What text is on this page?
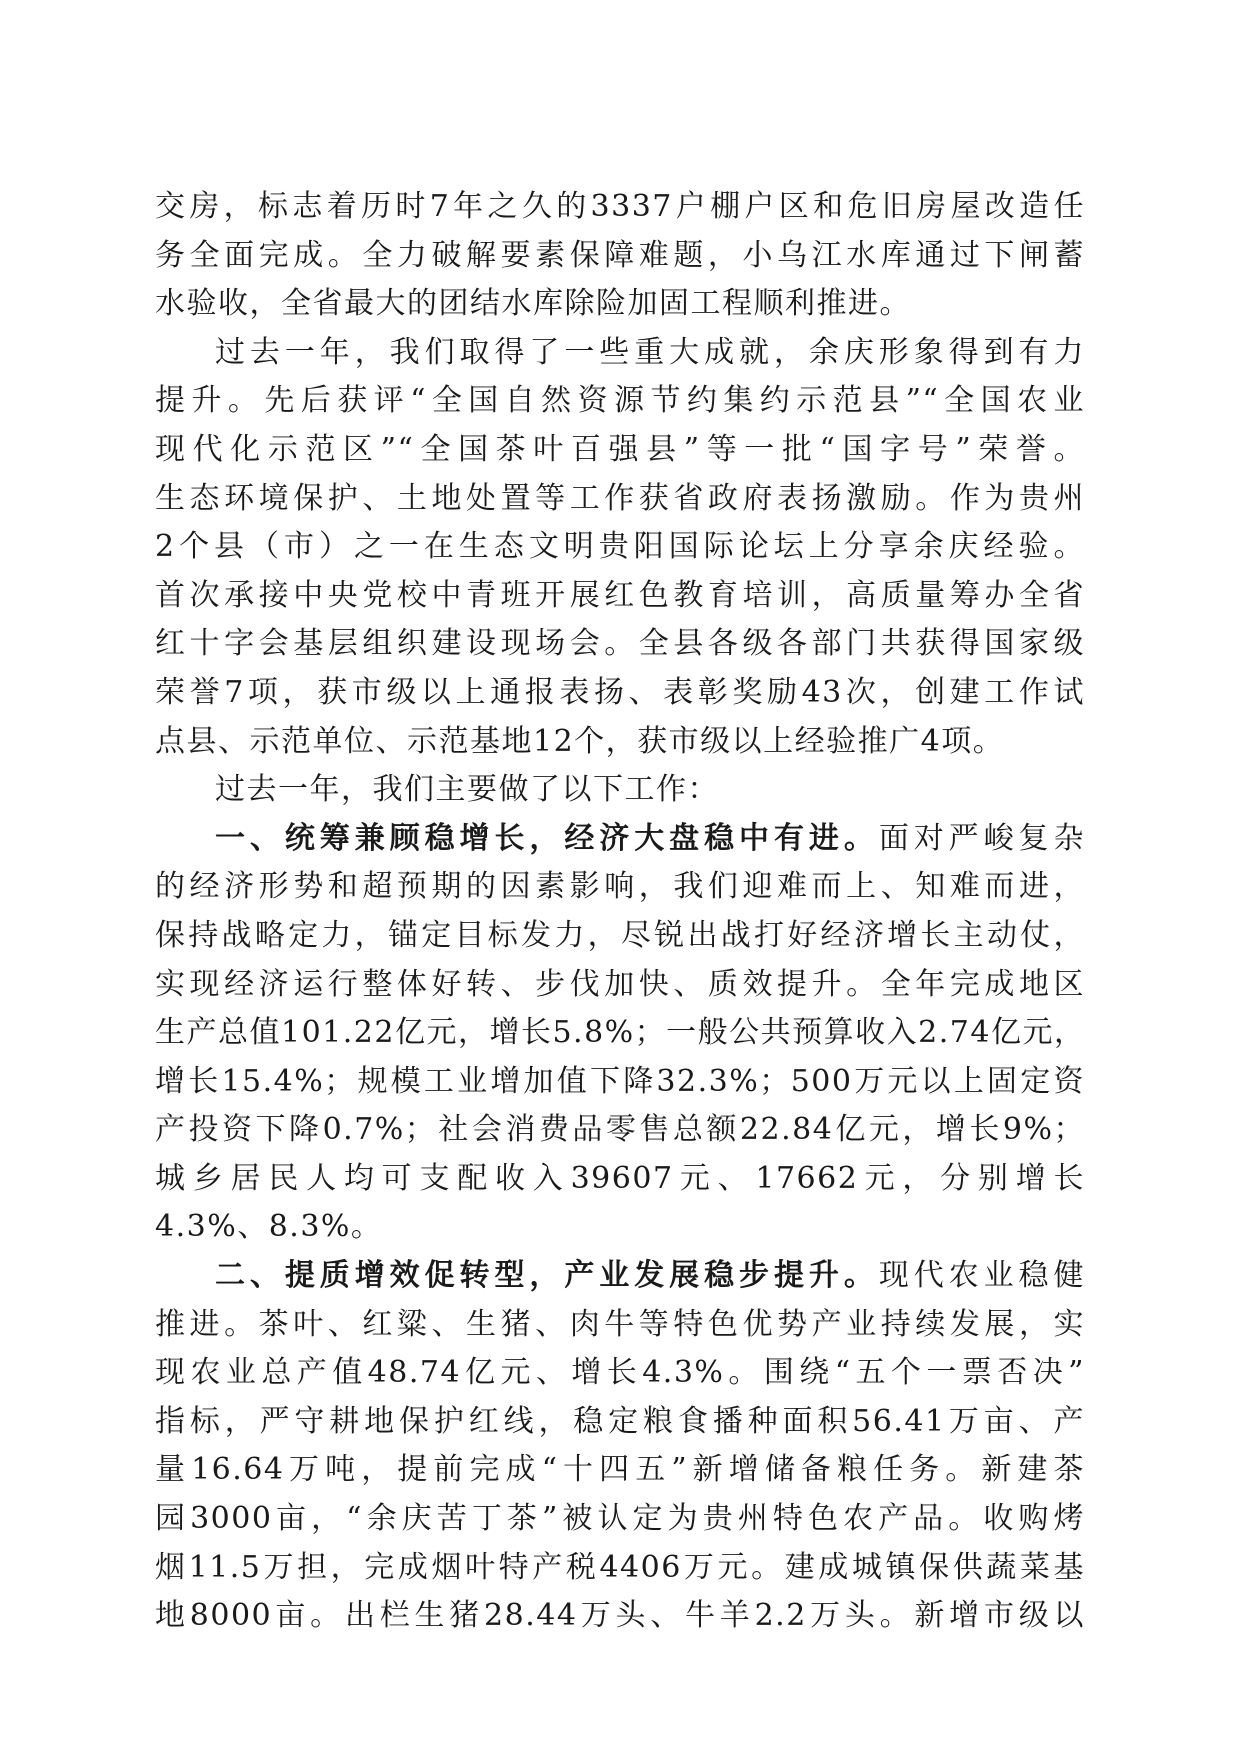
交房，标志着历时7年之久的3337户棚户区和危旧房屋改造任
务全面完成。全力破解要素保障难题，小乌江水库通过下闸蓄
水验收，全省最大的团结水库除险加固工程顺利推进。
过去一年，我们取得了一些重大成就，余庆形象得到有力
提升。先后获评“全国自然资源节约集约示范县”“全国农业
现代化示范区”“全国茶叶百强县”等一批“国字号”荣誉。
生态环境保护、土地处置等工作获省政府表扬激励。作为贵州
2个县（市）之一在生态文明贵阳国际论坛上分享余庆经验。
首次承接中央党校中青班开展红色教育培训，高质量筹办全省
红十字会基层组织建设现场会。全县各级各部门共获得国家级
荣誉7项，获市级以上通报表扬、表彰奖励43次，创建工作试
点县、示范单位、示范基地12个，获市级以上经验推广4项。
过去一年，我们主要做了以下工作：
一、统筹兼顾稳增长，经济大盘稳中有进。面对严峻复杂
的经济形势和超预期的因素影响，我们迎难而上、知难而进，
保持战略定力，锚定目标发力，尽锐出战打好经济增长主动仗，
实现经济运行整体好转、步伐加快、质效提升。全年完成地区
生产总值101.22亿元，增长5.8%；一般公共预算收入2.74亿元，
增长15.4%；规模工业增加值下降32.3%；500万元以上固定资
产投资下降0.7%；社会消费品零售总额22.84亿元，增长9%；
城乡居民人均可支配收入39607元、17662元，分别增长
4.3%、8.3%。
二、提质增效促转型，产业发展稳步提升。现代农业稳健
推进。茶叶、红粱、生猪、肉牛等特色优势产业持续发展，实
现农业总产值48.74亿元、增长4.3%。围绕“五个一票否决”
指标，严守耕地保护红线，稳定粮食播种面积56.41万亩、产
量16.64万吨，提前完成“十四五”新增储备粮任务。新建茶
园3000亩，“余庆苦丁茶”被认定为贵州特色农产品。收购烤
烟11.5万担，完成烟叶特产税4406万元。建成城镇保供蔬菜基
地8000亩。出栏生猪28.44万头、牛羊2.2万头。新增市级以
